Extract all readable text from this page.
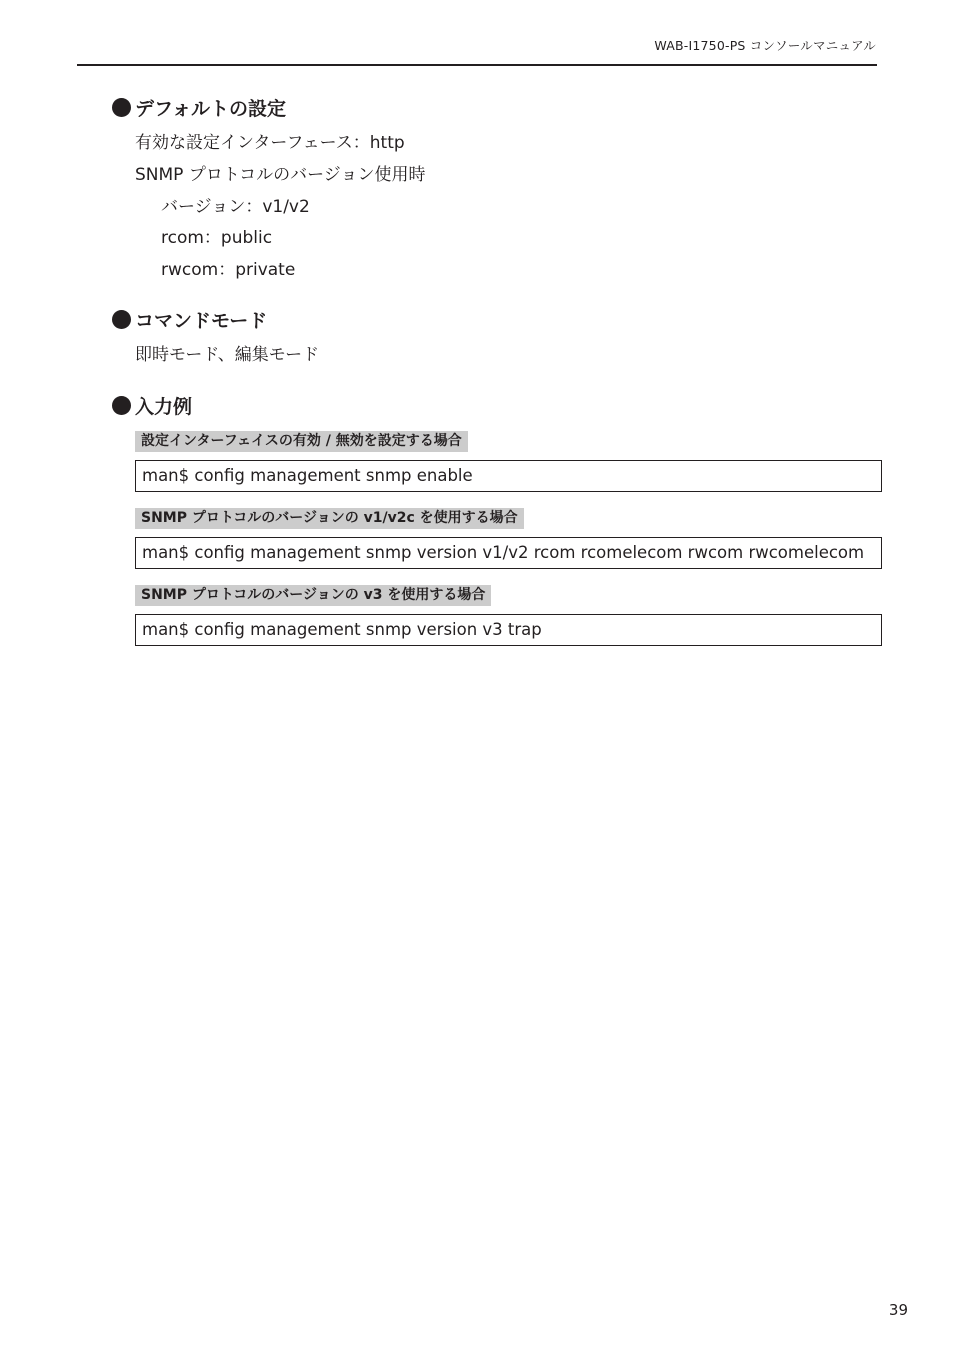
WAB-I1750-PS コンソールマニュアル
デフォルトの設定
有効な設定インターフェース：http
SNMP プロトコルのバージョン使用時
バージョン：v1/v2
rcom：public
rwcom：private
コマンドモード
即時モード、編集モード
入力例
設定インターフェイスの有効 / 無効を設定する場合
man$ config management snmp enable
SNMP プロトコルのバージョンの v1/v2c を使用する場合
man$ config management snmp version v1/v2 rcom rcomelecom rwcom rwcomelecom
SNMP プロトコルのバージョンの v3 を使用する場合
man$ config management snmp version v3 trap
39
